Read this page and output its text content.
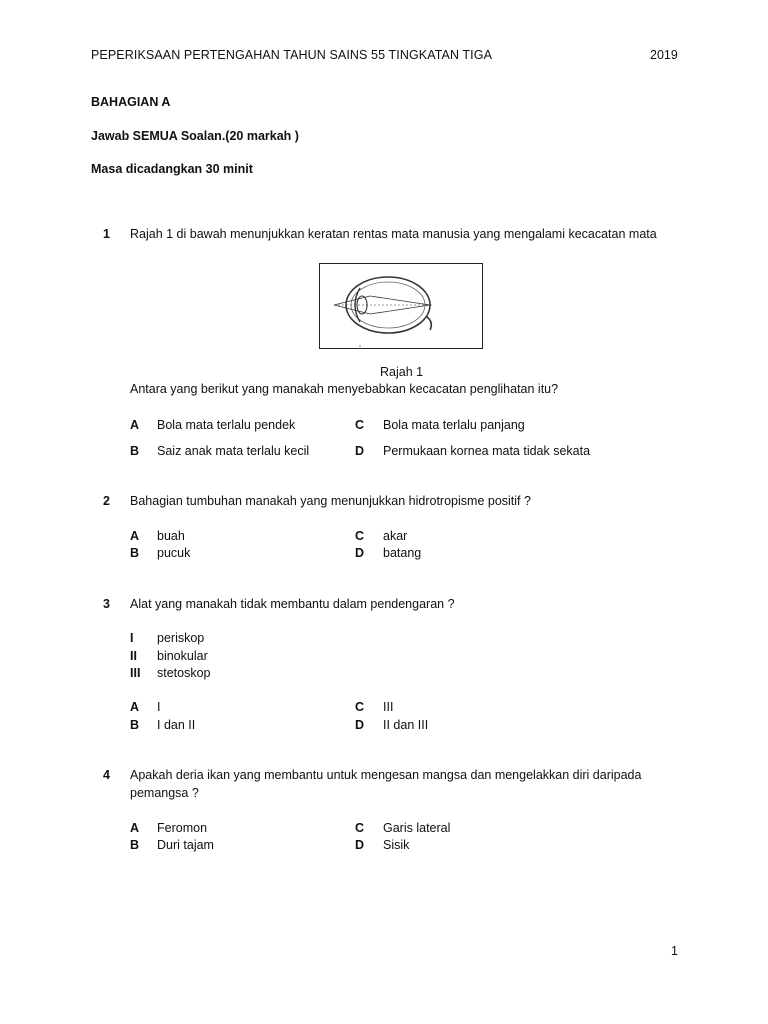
PEPERIKSAAN PERTENGAHAN TAHUN SAINS 55 TINGKATAN TIGA	2019
BAHAGIAN A
Jawab SEMUA Soalan.(20 markah )
Masa dicadangkan 30 minit
1 Rajah 1 di bawah menunjukkan keratan rentas mata manusia yang mengalami kecacatan mata
Rajah 1
Antara yang berikut yang manakah menyebabkan kecacatan penglihatan itu?
A Bola mata terlalu pendek	C Bola mata terlalu panjang
B Saiz anak mata terlalu kecil	D Permukaan kornea mata tidak sekata
2 Bahagian tumbuhan manakah yang menunjukkan hidrotropisme positif ?
A buah	C akar
B pucuk	D batang
3 Alat yang manakah tidak membantu dalam pendengaran ?
I periskop
II binokular
III stetoskop
A I	C III
B I dan II	D II dan III
4 Apakah deria ikan yang membantu untuk mengesan mangsa dan mengelakkan diri daripada
pemangsa ?
A Feromon	C Garis lateral
B Duri tajam	D Sisik
1
